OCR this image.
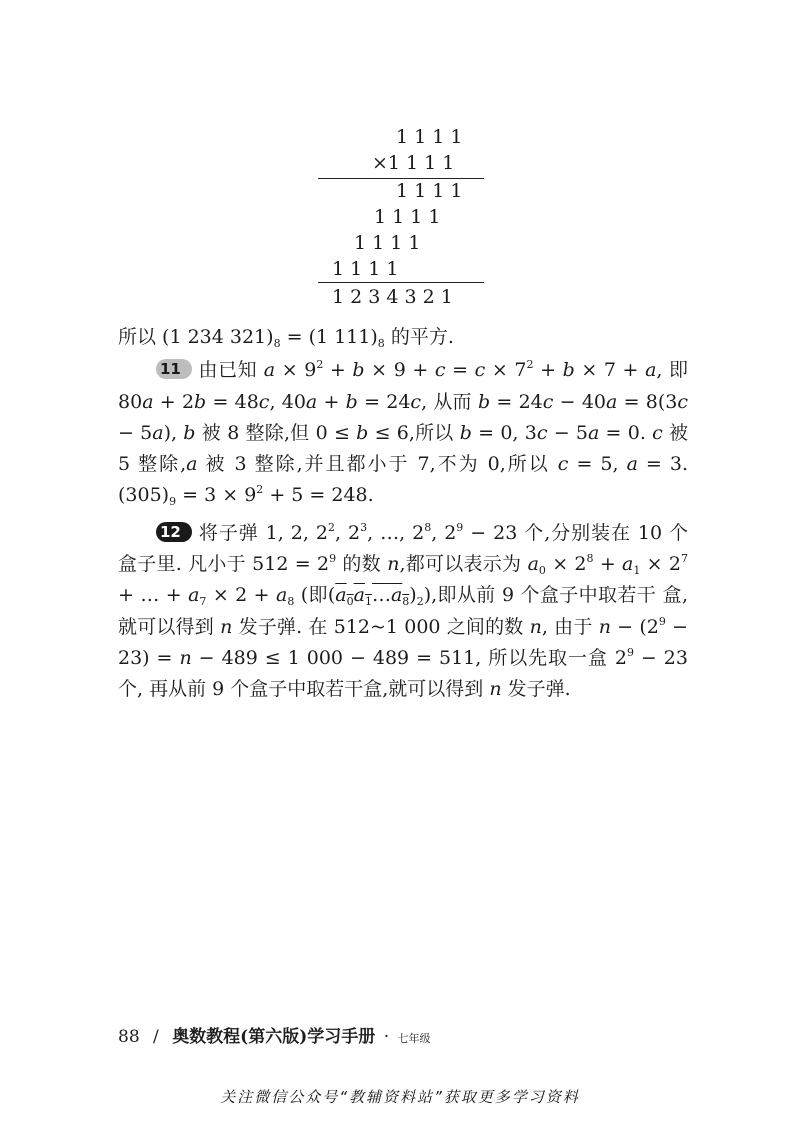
1 1 1 1
×1 1 1 1
1 1 1 1
1 1 1 1
1 1 1 1
1 1 1 1
1 2 3 4 3 2 1

所以 (1 234 $321)_8 = (1$ $111)_8$ 的平方.

11 由已知 $a \times 9^2 + b \times 9 + c = c \times 7^2 + b \times 7 + a$, 即 80a + 2b = 48c, 40a + b = 24c, 从而 b = 24c − 40a = 8(3c − 5a), b 被 8 整除,但 0 ≤ b ≤ 6,所以 b = 0, 3c − 5a = 0. c 被 5 整除,a 被 3 整除,并且都小于 7,不为 0,所以 c = 5, a = 3. $(305)_9 = 3 \times 9^2 + 5 = 248$.

12 将子弹 1, 2, $2^2$, $2^3$, …, $2^8$, $2^9 - 23$ 个,分别装在 10 个 盒子里. 凡小于 $512 = 2^9$ 的数 n,都可以表示为 $a_0 \times 2^8 + a_1 \times 2^7$ + … + $a_7 \times 2 + a_8$ (即$(a_0a_1\dots a_8)_2$),即从前 9 个盒子中取若干 盒,就可以得到 n 发子弹. 在 512~1 000 之间的数 n, 由于 $n - (2^9 - 23) = n - 489 \le 1$ 000 − 489 = 511, 所以先取一盒 $2^9 - 23$ 个, 再从前 9 个盒子中取若干盒,就可以得到 n 发子弹.

88 / 奥数教程(第六版)学习手册 · 七年级
关注微信公众号“教辅资料站”获取更多学习资料
